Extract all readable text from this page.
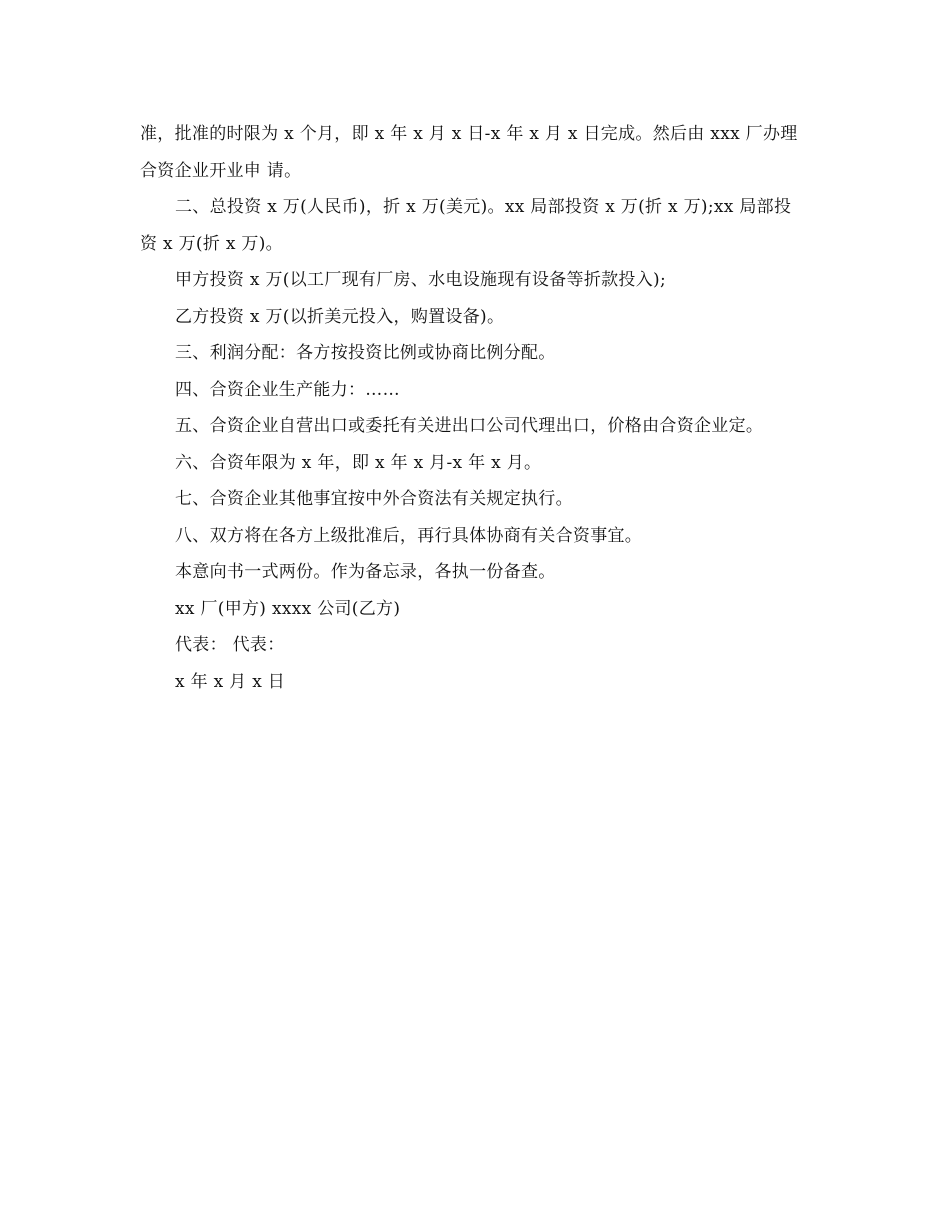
准，批准的时限为 x 个月，即 x 年 x 月 x 日-x 年 x 月 x 日完成。然后由 xxx 厂办理合资企业开业申 请。

二、总投资 x 万(人民币)，折 x 万(美元)。xx 局部投资 x 万(折 x 万);xx 局部投资 x 万(折 x 万)。

甲方投资 x 万(以工厂现有厂房、水电设施现有设备等折款投入);

乙方投资 x 万(以折美元投入，购置设备)。

三、利润分配：各方按投资比例或协商比例分配。

四、合资企业生产能力：……

五、合资企业自营出口或委托有关进出口公司代理出口，价格由合资企业定。

六、合资年限为 x 年，即 x 年 x 月-x 年 x 月。

七、合资企业其他事宜按中外合资法有关规定执行。

八、双方将在各方上级批准后，再行具体协商有关合资事宜。

本意向书一式两份。作为备忘录，各执一份备查。

xx 厂(甲方) xxxx 公司(乙方)

代表： 代表：

x 年 x 月 x 日
